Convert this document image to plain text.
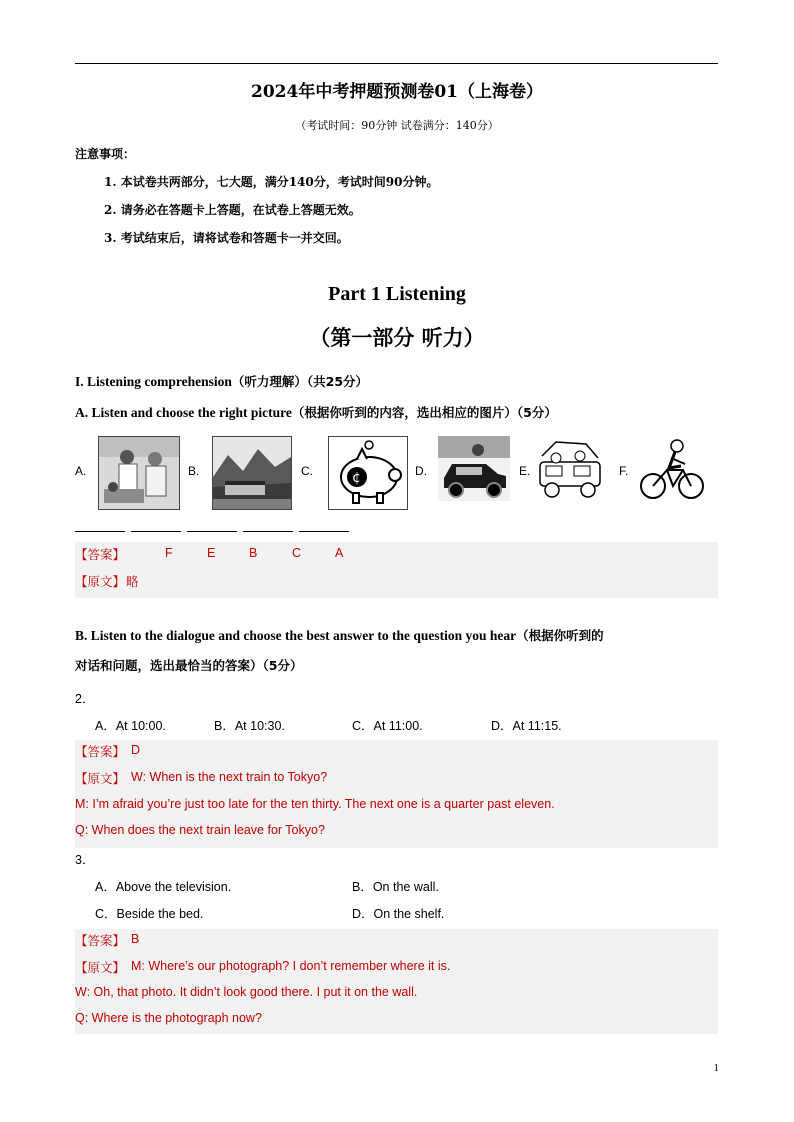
2024年中考押题预测卷01（上海卷）
（考试时间：90分钟 试卷满分：140分）
注意事项：
1. 本试卷共两部分，七大题，满分140分，考试时间90分钟。
2. 请务必在答题卡上答题，在试卷上答题无效。
3. 考试结束后，请将试卷和答题卡一并交回。
Part 1 Listening
（第一部分 听力）
I. Listening comprehension（听力理解）（共25分）
A. Listen and choose the right picture（根据你听到的内容，选出相应的图片）（5分）
A.	B.	C.	¢	D.	E.	F.
【答案】	F	E	B	C	A
【原文】 略
B. Listen to the dialogue and choose the best answer to the question you hear（根据你听到的
对话和问题，选出最恰当的答案）（5分）
2．
A．At 10:00.	B．At 10:30.	C．At 11:00.	D．At 11:15.
【答案】 D
【原文】 W: When is the next train to Tokyo?
M: I’m afraid you’re just too late for the ten thirty. The next one is a quarter past eleven.
Q: When does the next train leave for Tokyo?
3．
A．Above the television.	B．On the wall.
C．Beside the bed.	D．On the shelf.
【答案】 B
【原文】 M: Where’s our photograph? I don’t remember where it is.
W: Oh, that photo. It didn’t look good there. I put it on the wall.
Q: Where is the photograph now?
1
